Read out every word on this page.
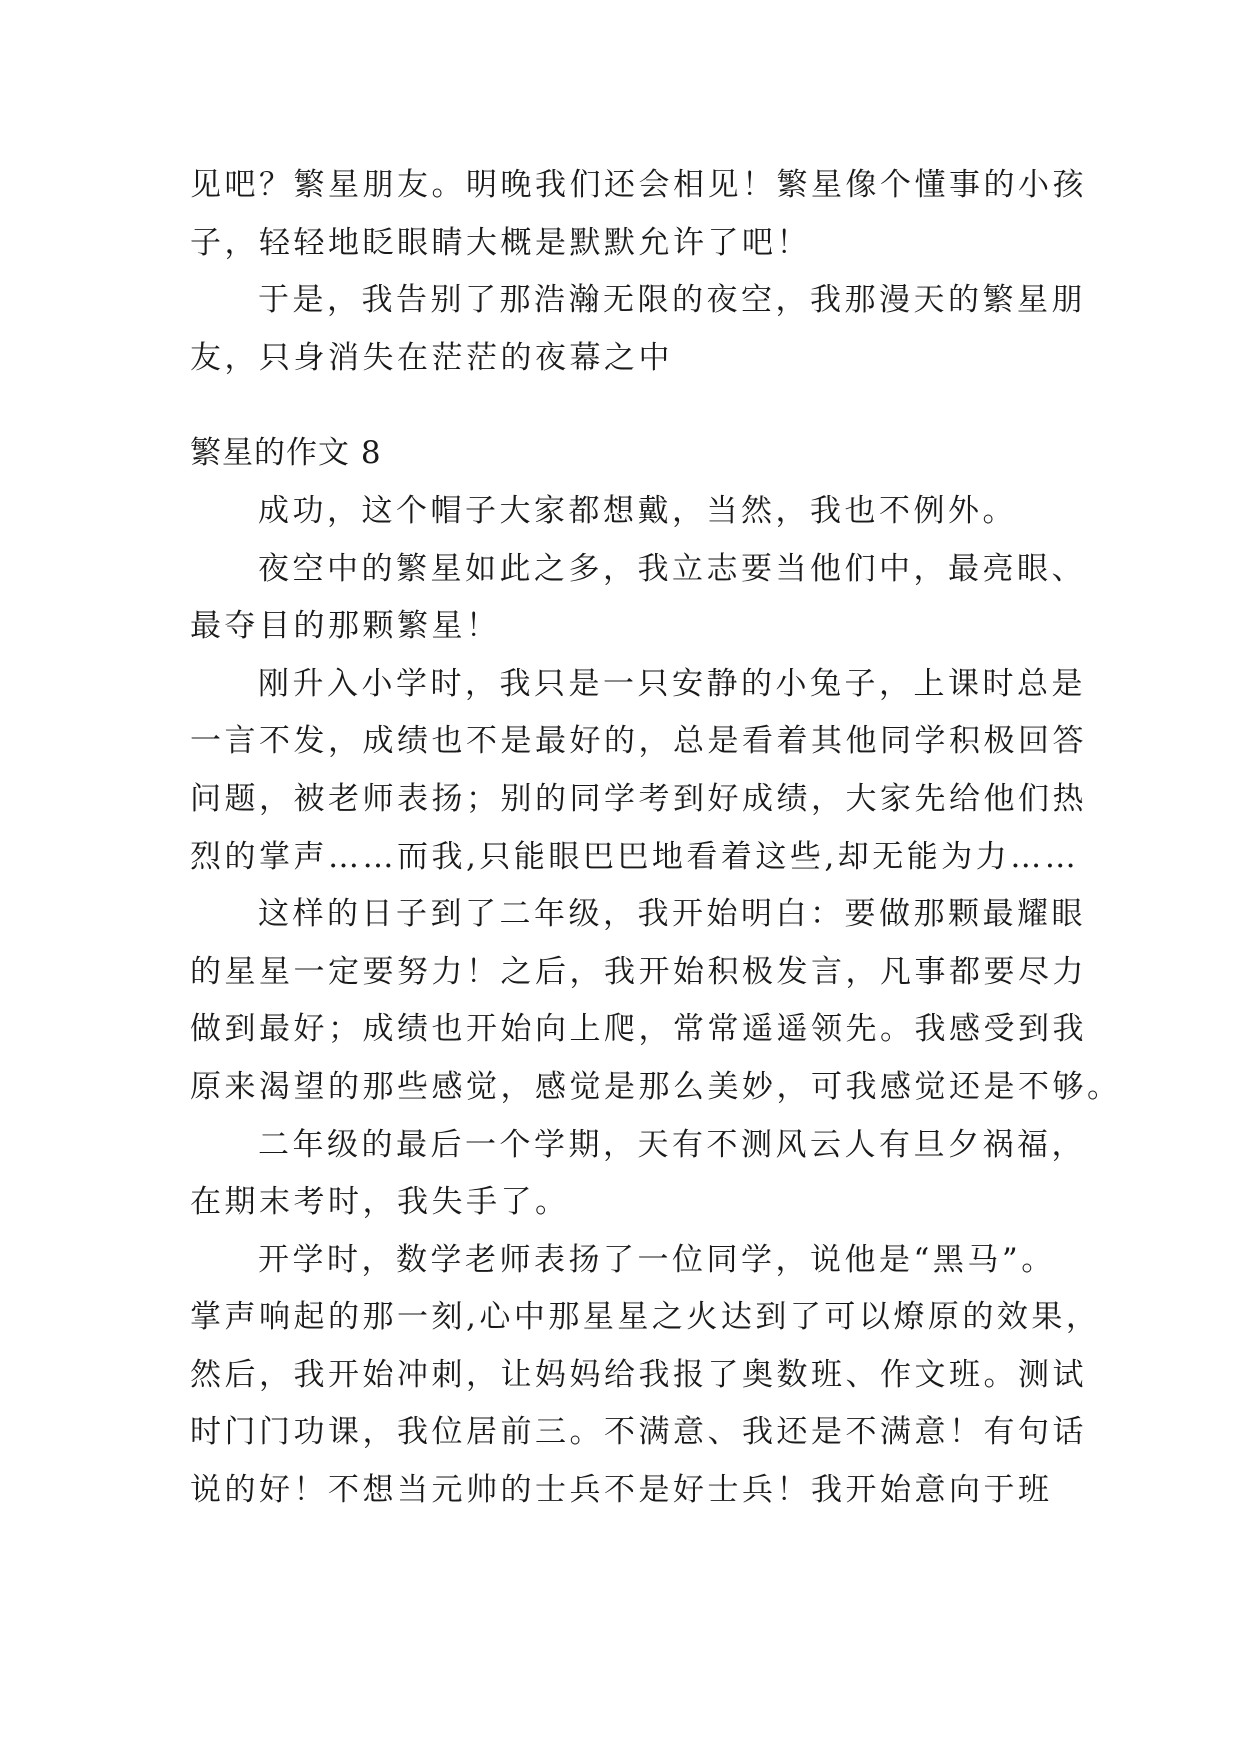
见吧？繁星朋友。明晚我们还会相见！繁星像个懂事的小孩
子，轻轻地眨眼睛大概是默默允许了吧！
于是，我告别了那浩瀚无限的夜空，我那漫天的繁星朋
友，只身消失在茫茫的夜幕之中
繁星的作文 8
成功，这个帽子大家都想戴，当然，我也不例外。
夜空中的繁星如此之多，我立志要当他们中，最亮眼、
最夺目的那颗繁星！
刚升入小学时，我只是一只安静的小兔子，上课时总是
一言不发，成绩也不是最好的，总是看着其他同学积极回答
问题，被老师表扬；别的同学考到好成绩，大家先给他们热
烈的掌声……而我,只能眼巴巴地看着这些,却无能为力……
这样的日子到了二年级，我开始明白：要做那颗最耀眼
的星星一定要努力！之后，我开始积极发言，凡事都要尽力
做到最好；成绩也开始向上爬，常常遥遥领先。我感受到我
原来渴望的那些感觉，感觉是那么美妙，可我感觉还是不够。
二年级的最后一个学期，天有不测风云人有旦夕祸福，
在期末考时，我失手了。
开学时，数学老师表扬了一位同学，说他是“黑马”。
掌声响起的那一刻,心中那星星之火达到了可以燎原的效果，
然后，我开始冲刺，让妈妈给我报了奥数班、作文班。测试
时门门功课，我位居前三。不满意、我还是不满意！有句话
说的好！不想当元帅的士兵不是好士兵！我开始意向于班
